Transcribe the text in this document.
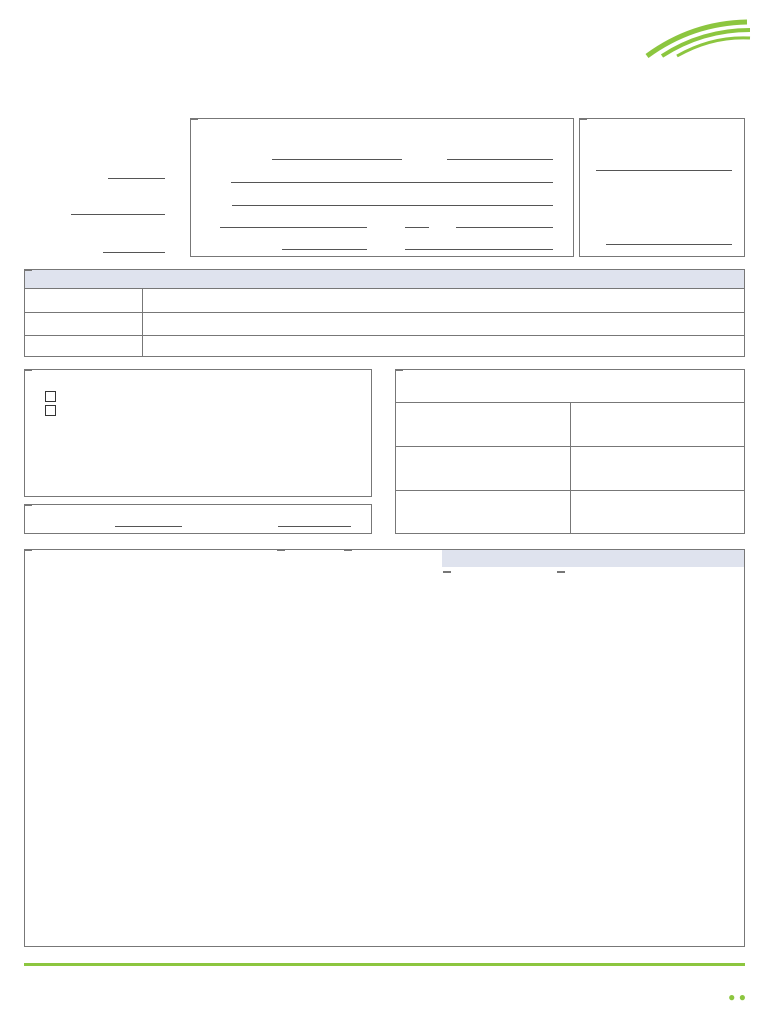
● ●
